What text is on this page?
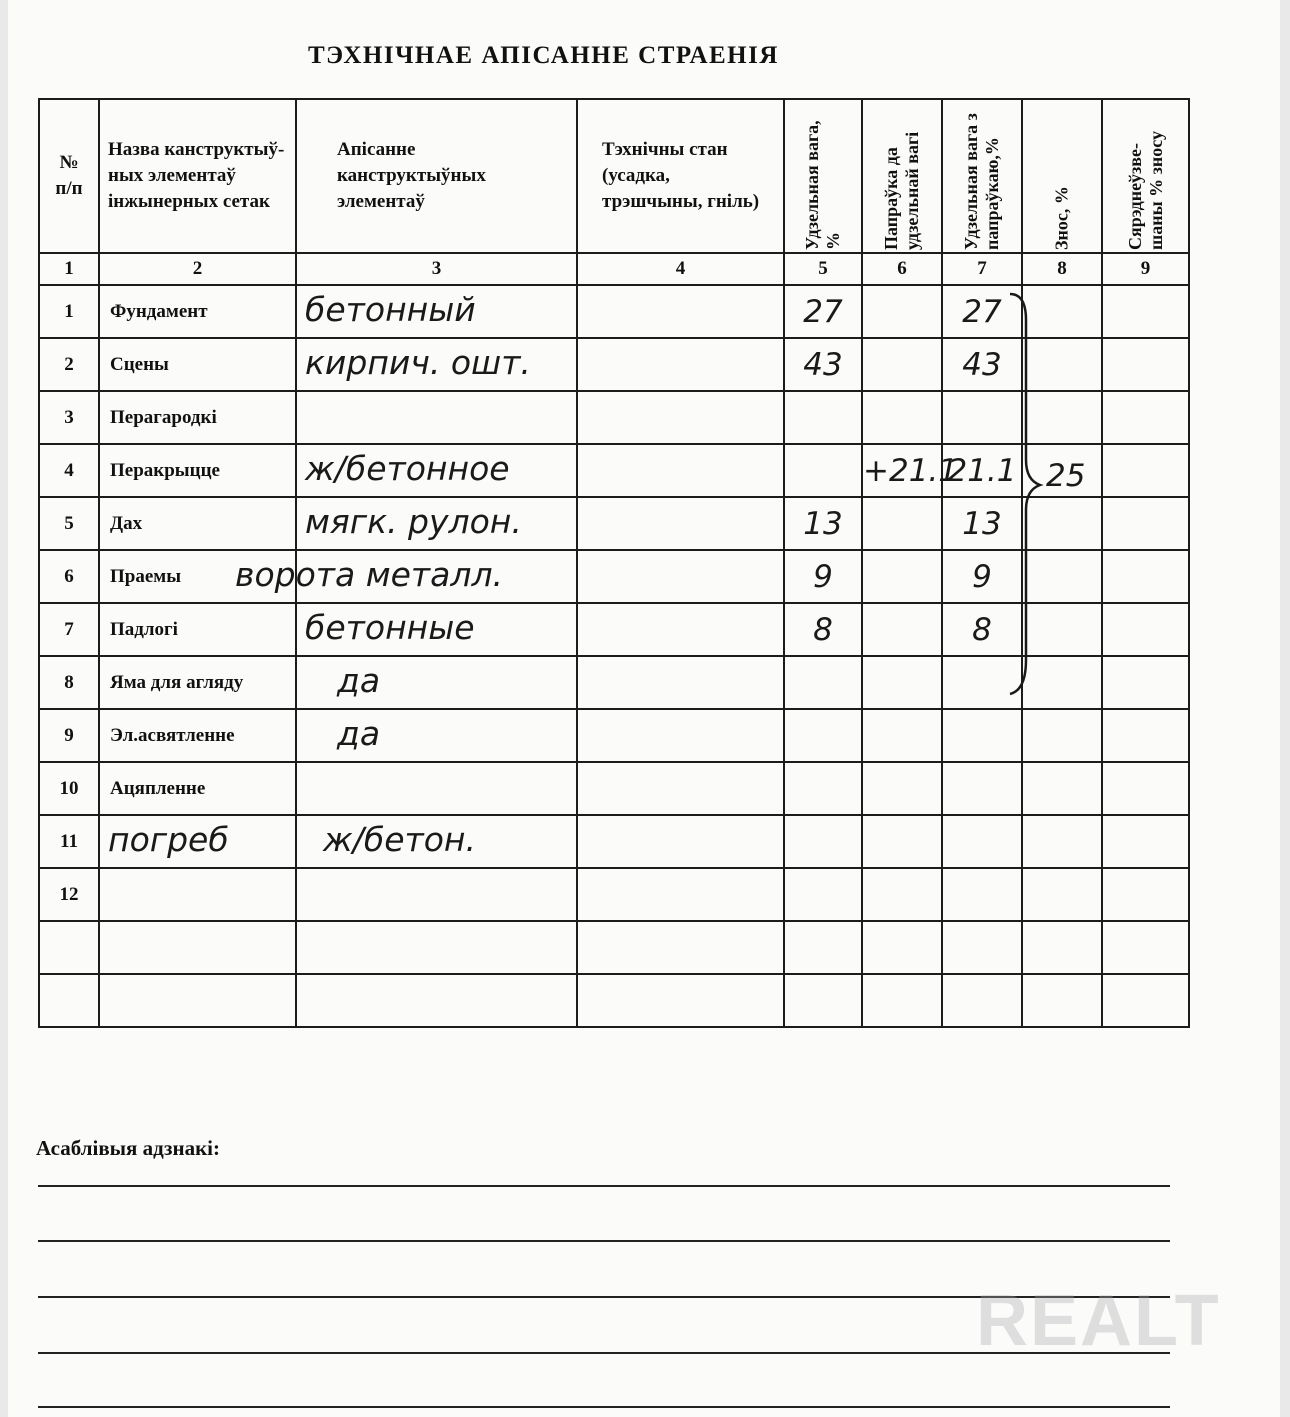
ТЭХНІЧНАЕ АПІСАННЕ СТРАЕНІЯ
№ п/п	Назва канструктыў-ных элементаў інжынерных сетак	Апісанне канструктыўных элементаў	Тэхнічны стан (усадка, трэшчыны, гніль)	Удзельная вага, %	Папраўка да удзельнай вагі	Удзельная вага з папраўкаю,%	Знос, %	Сярэднеўзве-шаны % зносу

1	2	3	4	5	6	7	8	9
1	Фундамент	бетонный		27		27		

2	Сцены	кирпич. ошт.		43		43		

3	Перагародкі	

4	Перакрыцце	ж/бетонное			+21.1	21.1		

5	Дах	мягк. рулон.		13		13		

6	Праемы	ворота металл.		9		9		

7	Падлогі	бетонные		8		8		

8	Яма для агляду	да						

9	Эл.асвятленне	да						

10	Ацяпленне	

11	погреб	ж/бетон.						

12		

25
Асаблівыя адзнакі:
REALT
